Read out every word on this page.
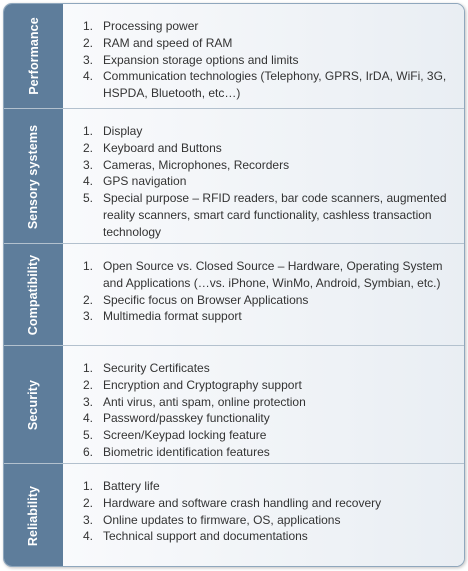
Performance	1. Processing power
2. RAM and speed of RAM
3. Expansion storage options and limits
4. Communication technologies (Telephony, GPRS, IrDA, WiFi, 3G, HSPDA, Bluetooth, etc…)
Sensory systems	1. Display
2. Keyboard and Buttons
3. Cameras, Microphones, Recorders
4. GPS navigation
5. Special purpose – RFID readers, bar code scanners, augmented reality scanners, smart card functionality, cashless transaction technology
Compatibility	1. Open Source vs. Closed Source – Hardware, Operating System and Applications (…vs. iPhone, WinMo, Android, Symbian, etc.)
2. Specific focus on Browser Applications
3. Multimedia format support
Security
1. Security Certificates
2. Encryption and Cryptography support
3. Anti virus, anti spam, online protection
4. Password/passkey functionality
5. Screen/Keypad locking feature
6. Biometric identification features
Reliability	1. Battery life
2. Hardware and software crash handling and recovery
3. Online updates to firmware, OS, applications
4. Technical support and documentations
